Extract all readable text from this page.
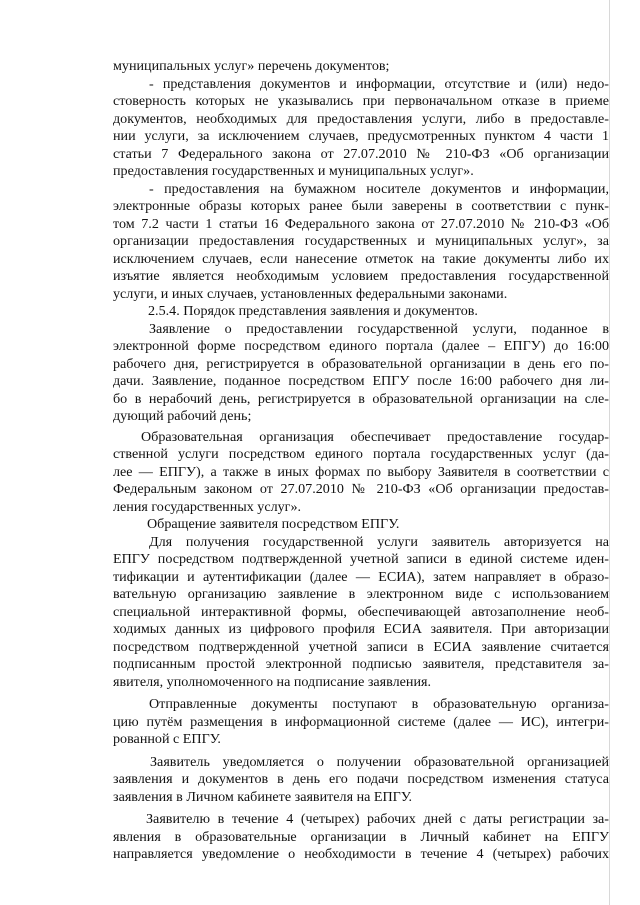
муниципальных услуг» перечень документов;
- представления документов и информации, отсутствие и (или) недо-
стоверность которых не указывались при первоначальном отказе в приеме
документов, необходимых для предоставления услуги, либо в предоставле-
нии услуги, за исключением случаев, предусмотренных пунктом 4 части 1
статьи 7 Федерального закона от 27.07.2010 № 210-ФЗ «Об организации
предоставления государственных и муниципальных услуг».
- предоставления на бумажном носителе документов и информации,
электронные образы которых ранее были заверены в соответствии с пунк-
том 7.2 части 1 статьи 16 Федерального закона от 27.07.2010 № 210-ФЗ «Об
организации предоставления государственных и муниципальных услуг», за
исключением случаев, если нанесение отметок на такие документы либо их
изъятие является необходимым условием предоставления государственной
услуги, и иных случаев, установленных федеральными законами.
2.5.4. Порядок представления заявления и документов.
Заявление о предоставлении государственной услуги, поданное в
электронной форме посредством единого портала (далее – ЕПГУ) до 16:00
рабочего дня, регистрируется в образовательной организации в день его по-
дачи. Заявление, поданное посредством ЕПГУ после 16:00 рабочего дня ли-
бо в нерабочий день, регистрируется в образовательной организации на сле-
дующий рабочий день;
Образовательная организация обеспечивает предоставление государ-
ственной услуги посредством единого портала государственных услуг (да-
лее — ЕПГУ), а также в иных формах по выбору Заявителя в соответствии с
Федеральным законом от 27.07.2010 № 210-ФЗ «Об организации предостав-
ления государственных услуг».
Обращение заявителя посредством ЕПГУ.
Для получения государственной услуги заявитель авторизуется на
ЕПГУ посредством подтвержденной учетной записи в единой системе иден-
тификации и аутентификации (далее — ЕСИА), затем направляет в образо-
вательную организацию заявление в электронном виде с использованием
специальной интерактивной формы, обеспечивающей автозаполнение необ-
ходимых данных из цифрового профиля ЕСИА заявителя. При авторизации
посредством подтвержденной учетной записи в ЕСИА заявление считается
подписанным простой электронной подписью заявителя, представителя за-
явителя, уполномоченного на подписание заявления.
Отправленные документы поступают в образовательную организа-
цию путём размещения в информационной системе (далее — ИС), интегри-
рованной с ЕПГУ.
Заявитель уведомляется о получении образовательной организацией
заявления и документов в день его подачи посредством изменения статуса
заявления в Личном кабинете заявителя на ЕПГУ.
Заявителю в течение 4 (четырех) рабочих дней с даты регистрации за-
явления в образовательные организации в Личный кабинет на ЕПГУ
направляется уведомление о необходимости в течение 4 (четырех) рабочих
